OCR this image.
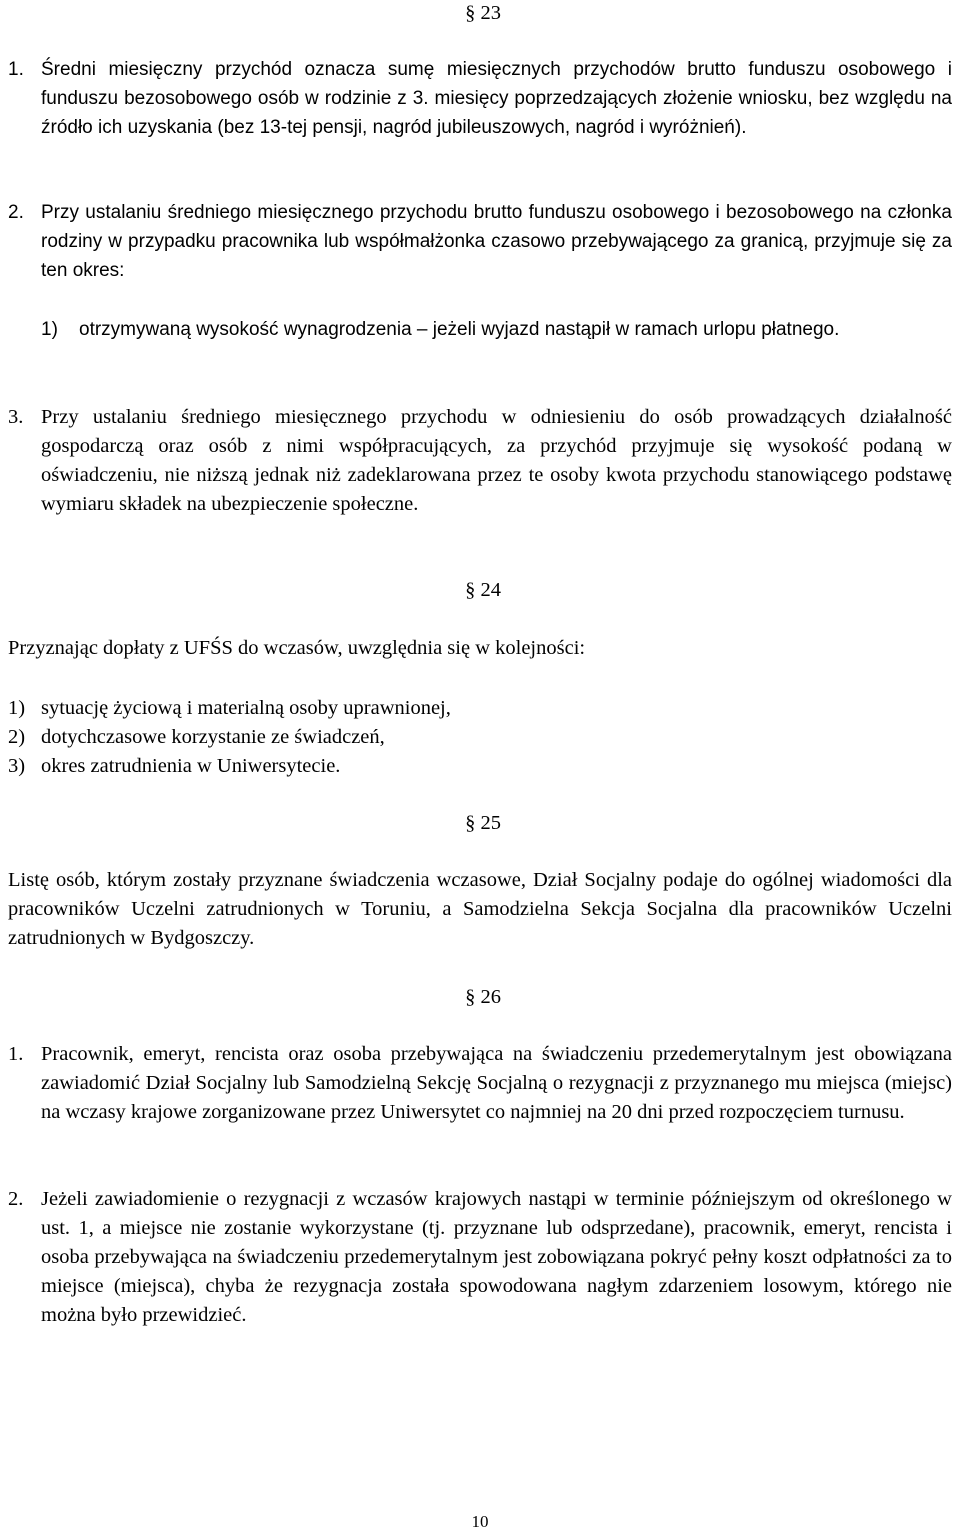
§ 23
1. Średni miesięczny przychód oznacza sumę miesięcznych przychodów brutto funduszu osobowego i funduszu bezosobowego osób w rodzinie z 3. miesięcy poprzedzających złożenie wniosku, bez względu na źródło ich uzyskania (bez 13-tej pensji, nagród jubileuszowych, nagród i wyróżnień).
2. Przy ustalaniu średniego miesięcznego przychodu brutto funduszu osobowego i bezosobowego na członka rodziny w przypadku pracownika lub współmałżonka czasowo przebywającego za granicą, przyjmuje się za ten okres:
1) otrzymywaną wysokość wynagrodzenia – jeżeli wyjazd nastąpił w ramach urlopu płatnego.
3. Przy ustalaniu średniego miesięcznego przychodu w odniesieniu do osób prowadzących działalność gospodarczą oraz osób z nimi współpracujących, za przychód przyjmuje się wysokość podaną w oświadczeniu, nie niższą jednak niż zadeklarowana przez te osoby kwota przychodu stanowiącego podstawę wymiaru składek na ubezpieczenie społeczne.
§ 24
Przyznając dopłaty z UFŚS do wczasów, uwzględnia się w kolejności:
1) sytuację życiową i materialną osoby uprawnionej,
2) dotychczasowe korzystanie ze świadczeń,
3) okres zatrudnienia w Uniwersytecie.
§ 25
Listę osób, którym zostały przyznane świadczenia wczasowe, Dział Socjalny podaje do ogólnej wiadomości dla pracowników Uczelni zatrudnionych w Toruniu, a Samodzielna Sekcja Socjalna dla pracowników Uczelni zatrudnionych w Bydgoszczy.
§ 26
1. Pracownik, emeryt, rencista oraz osoba przebywająca na świadczeniu przedemerytalnym jest obowiązana zawiadomić Dział Socjalny lub Samodzielną Sekcję Socjalną o rezygnacji z przyznanego mu miejsca (miejsc) na wczasy krajowe zorganizowane przez Uniwersytet co najmniej na 20 dni przed rozpoczęciem turnusu.
2. Jeżeli zawiadomienie o rezygnacji z wczasów krajowych nastąpi w terminie późniejszym od określonego w ust. 1, a miejsce nie zostanie wykorzystane (tj. przyznane lub odsprzedane), pracownik, emeryt, rencista i osoba przebywająca na świadczeniu przedemerytalnym jest zobowiązana pokryć pełny koszt odpłatności za to miejsce (miejsca), chyba że rezygnacja została spowodowana nagłym zdarzeniem losowym, którego nie można było przewidzieć.
10
